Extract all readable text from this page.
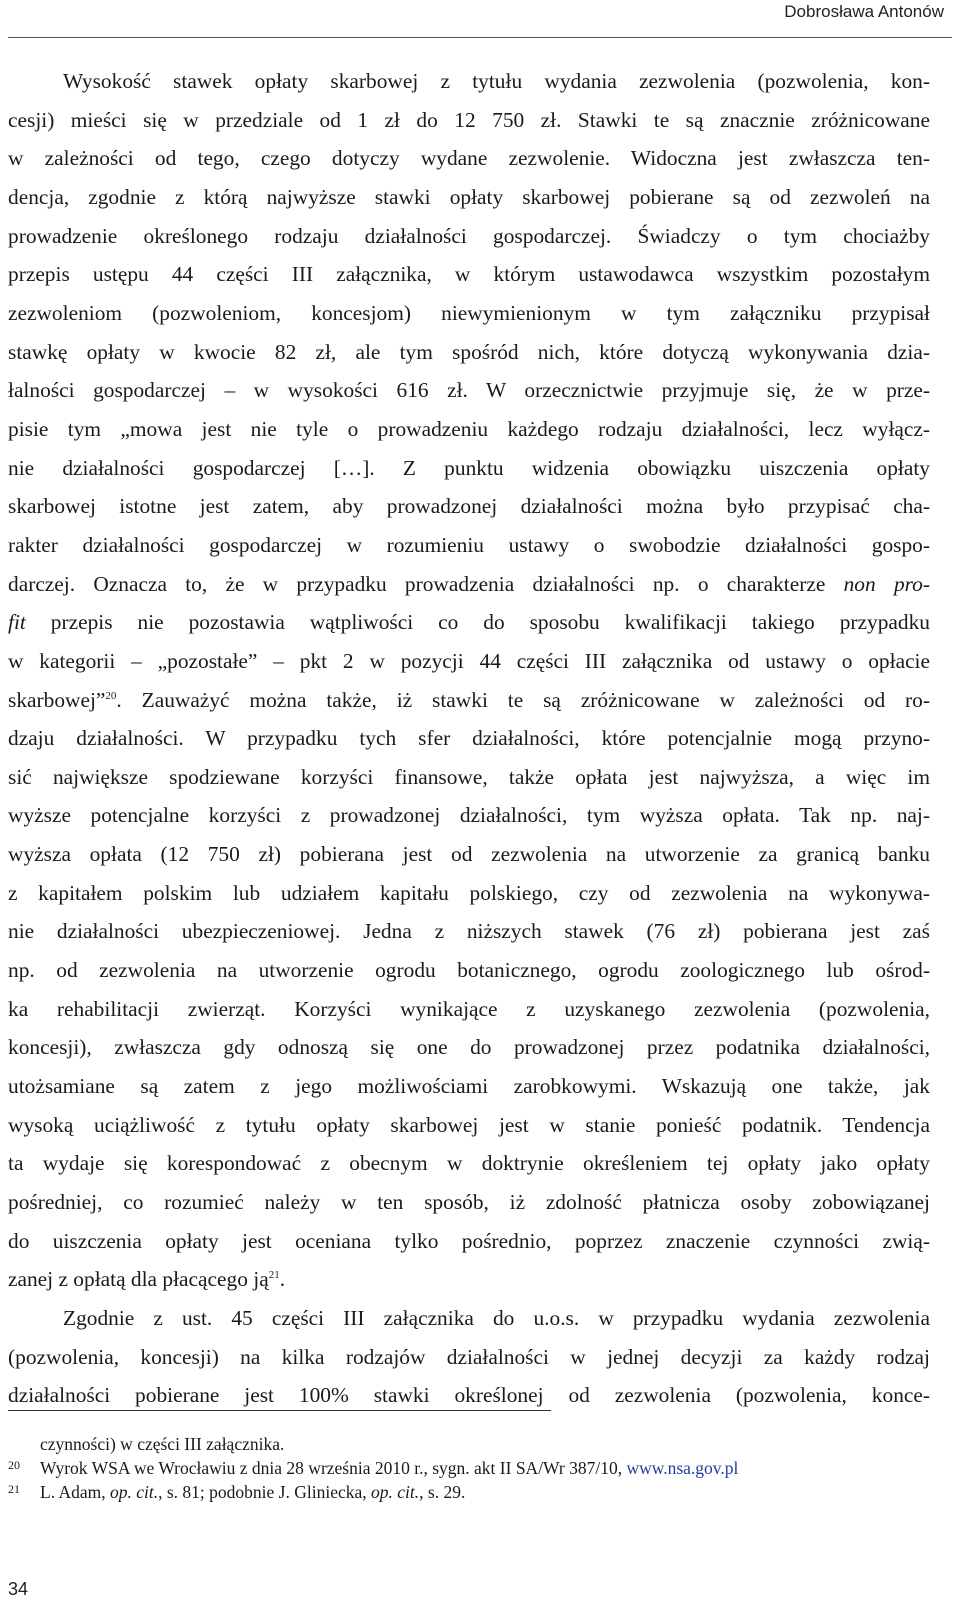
Dobrosława Antonów

Wysokość stawek opłaty skarbowej z tytułu wydania zezwolenia (pozwolenia, kon-
cesji) mieści się w przedziale od 1 zł do 12 750 zł. Stawki te są znacznie zróżnicowane
w zależności od tego, czego dotyczy wydane zezwolenie. Widoczna jest zwłaszcza ten-
dencja, zgodnie z którą najwyższe stawki opłaty skarbowej pobierane są od zezwoleń na
prowadzenie określonego rodzaju działalności gospodarczej. Świadczy o tym chociażby
przepis ustępu 44 części III załącznika, w którym ustawodawca wszystkim pozostałym
zezwoleniom (pozwoleniom, koncesjom) niewymienionym w tym załączniku przypisał
stawkę opłaty w kwocie 82 zł, ale tym spośród nich, które dotyczą wykonywania dzia-
łalności gospodarczej – w wysokości 616 zł. W orzecznictwie przyjmuje się, że w prze-
pisie tym „mowa jest nie tyle o prowadzeniu każdego rodzaju działalności, lecz wyłącz-
nie działalności gospodarczej […]. Z punktu widzenia obowiązku uiszczenia opłaty
skarbowej istotne jest zatem, aby prowadzonej działalności można było przypisać cha-
rakter działalności gospodarczej w rozumieniu ustawy o swobodzie działalności gospo-
darczej. Oznacza to, że w przypadku prowadzenia działalności np. o charakterze non pro-
fit przepis nie pozostawia wątpliwości co do sposobu kwalifikacji takiego przypadku
w kategorii – „pozostałe” – pkt 2 w pozycji 44 części III załącznika od ustawy o opłacie
skarbowej”$^{20}$. Zauważyć można także, iż stawki te są zróżnicowane w zależności od ro-
dzaju działalności. W przypadku tych sfer działalności, które potencjalnie mogą przyno-
sić największe spodziewane korzyści finansowe, także opłata jest najwyższa, a więc im
wyższe potencjalne korzyści z prowadzonej działalności, tym wyższa opłata. Tak np. naj-
wyższa opłata (12 750 zł) pobierana jest od zezwolenia na utworzenie za granicą banku
z kapitałem polskim lub udziałem kapitału polskiego, czy od zezwolenia na wykonywa-
nie działalności ubezpieczeniowej. Jedna z niższych stawek (76 zł) pobierana jest zaś
np. od zezwolenia na utworzenie ogrodu botanicznego, ogrodu zoologicznego lub ośrod-
ka rehabilitacji zwierząt. Korzyści wynikające z uzyskanego zezwolenia (pozwolenia,
koncesji), zwłaszcza gdy odnoszą się one do prowadzonej przez podatnika działalności,
utożsamiane są zatem z jego możliwościami zarobkowymi. Wskazują one także, jak
wysoką uciążliwość z tytułu opłaty skarbowej jest w stanie ponieść podatnik. Tendencja
ta wydaje się korespondować z obecnym w doktrynie określeniem tej opłaty jako opłaty
pośredniej, co rozumieć należy w ten sposób, iż zdolność płatnicza osoby zobowiązanej
do uiszczenia opłaty jest oceniana tylko pośrednio, poprzez znaczenie czynności zwią-
zanej z opłatą dla płacącego ją$^{21}$.

Zgodnie z ust. 45 części III załącznika do u.o.s. w przypadku wydania zezwolenia
(pozwolenia, koncesji) na kilka rodzajów działalności w jednej decyzji za każdy rodzaj
działalności pobierane jest 100% stawki określonej od zezwolenia (pozwolenia, konce-

czynności) w części III załącznika.
20 Wyrok WSA we Wrocławiu z dnia 28 września 2010 r., sygn. akt II SA/Wr 387/10, www.nsa.gov.pl
21 L. Adam, op. cit., s. 81; podobnie J. Gliniecka, op. cit., s. 29.
34
